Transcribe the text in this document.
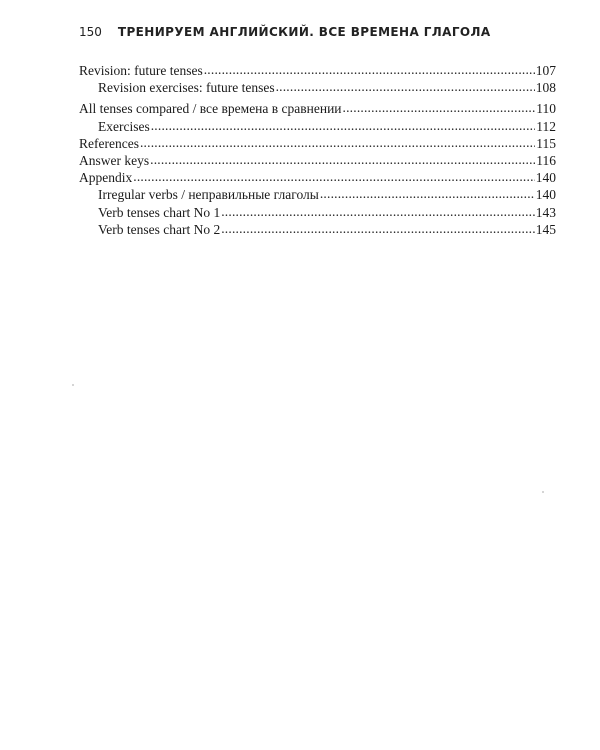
150 ТРЕНИРУЕМ АНГЛИЙСКИЙ. ВСЕ ВРЕМЕНА ГЛАГОЛА
Revision: future tenses .....	107
Revision exercises: future tenses .....	108
All tenses compared / все времена в сравнении .....	110
Exercises .....	112
References .....	115
Answer keys .....	116
Appendix .....	140
Irregular verbs / неправильные глаголы .....	140
Verb tenses chart No 1 .....	143
Verb tenses chart No 2 .....	145
